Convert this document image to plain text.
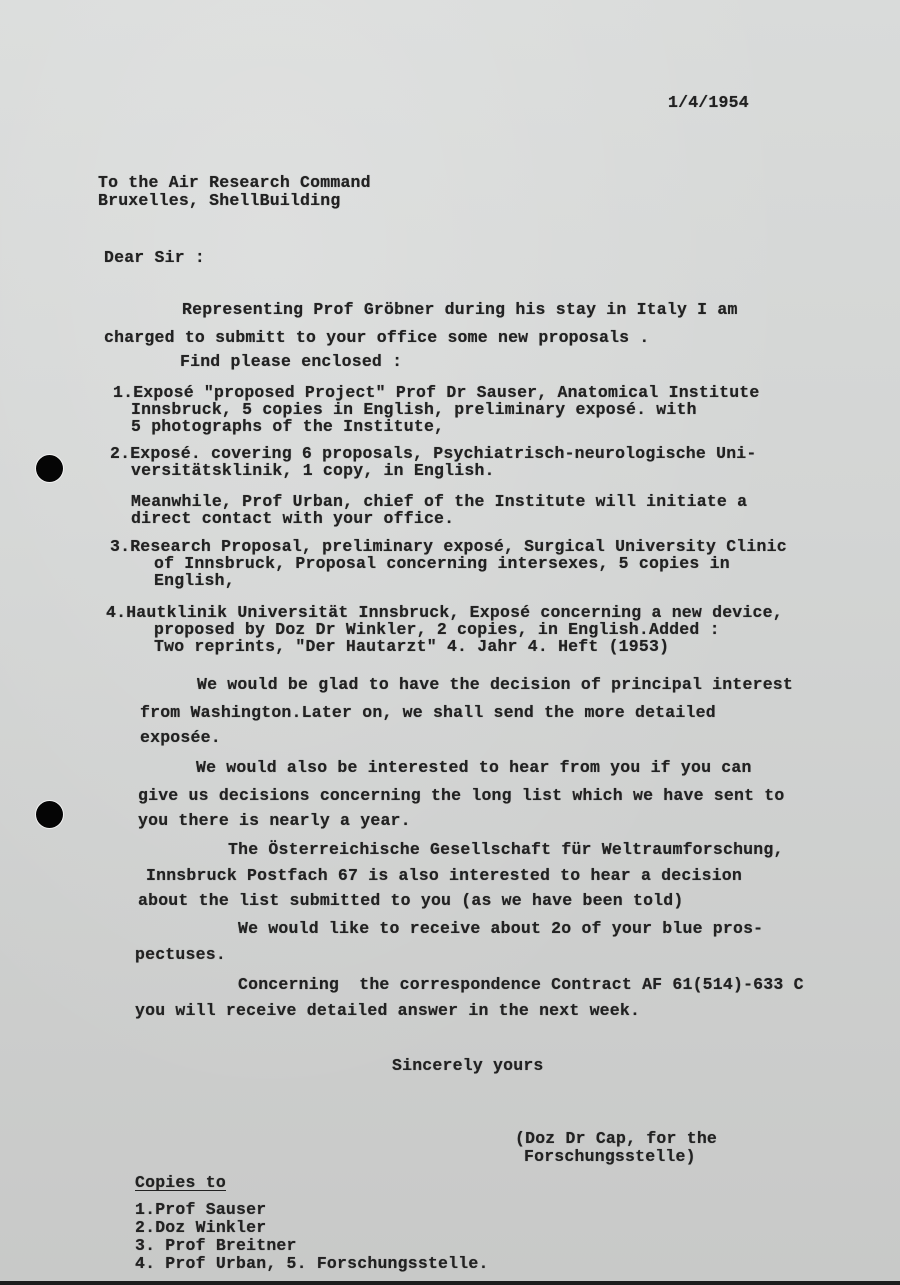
1/4/1954
To the Air Research Command
Bruxelles, ShellBuilding
Dear Sir :
Representing Prof Gröbner during his stay in Italy I am
charged to submitt to your office some new proposals .
Find please enclosed :
1.Exposé "proposed Project" Prof Dr Sauser, Anatomical Institute
Innsbruck, 5 copies in English, preliminary exposé. with
5 photographs of the Institute,
2.Exposé. covering 6 proposals, Psychiatrisch-neurologische Uni-
versitätsklinik, 1 copy, in English.
Meanwhile, Prof Urban, chief of the Institute will initiate a
direct contact with your office.
3.Research Proposal, preliminary exposé, Surgical University Clinic
of Innsbruck, Proposal concerning intersexes, 5 copies in
English,
4.Hautklinik Universität Innsbruck, Exposé concerning a new device,
proposed by Doz Dr Winkler, 2 copies, in English.Added :
Two reprints, "Der Hautarzt" 4. Jahr 4. Heft (1953)
We would be glad to have the decision of principal interest
from Washington.Later on, we shall send the more detailed
exposée.
We would also be interested to hear from you if you can
give us decisions concerning the long list which we have sent to
you there is nearly a year.
The Österreichische Gesellschaft für Weltraumforschung,
Innsbruck Postfach 67 is also interested to hear a decision
about the list submitted to you (as we have been told)
We would like to receive about 2o of your blue pros-
pectuses.
Concerning  the correspondence Contract AF 61(514)-633 C
you will receive detailed answer in the next week.
Sincerely yours
(Doz Dr Cap, for the
Forschungsstelle)
Copies to
1.Prof Sauser
2.Doz Winkler
3. Prof Breitner
4. Prof Urban, 5. Forschungsstelle.
